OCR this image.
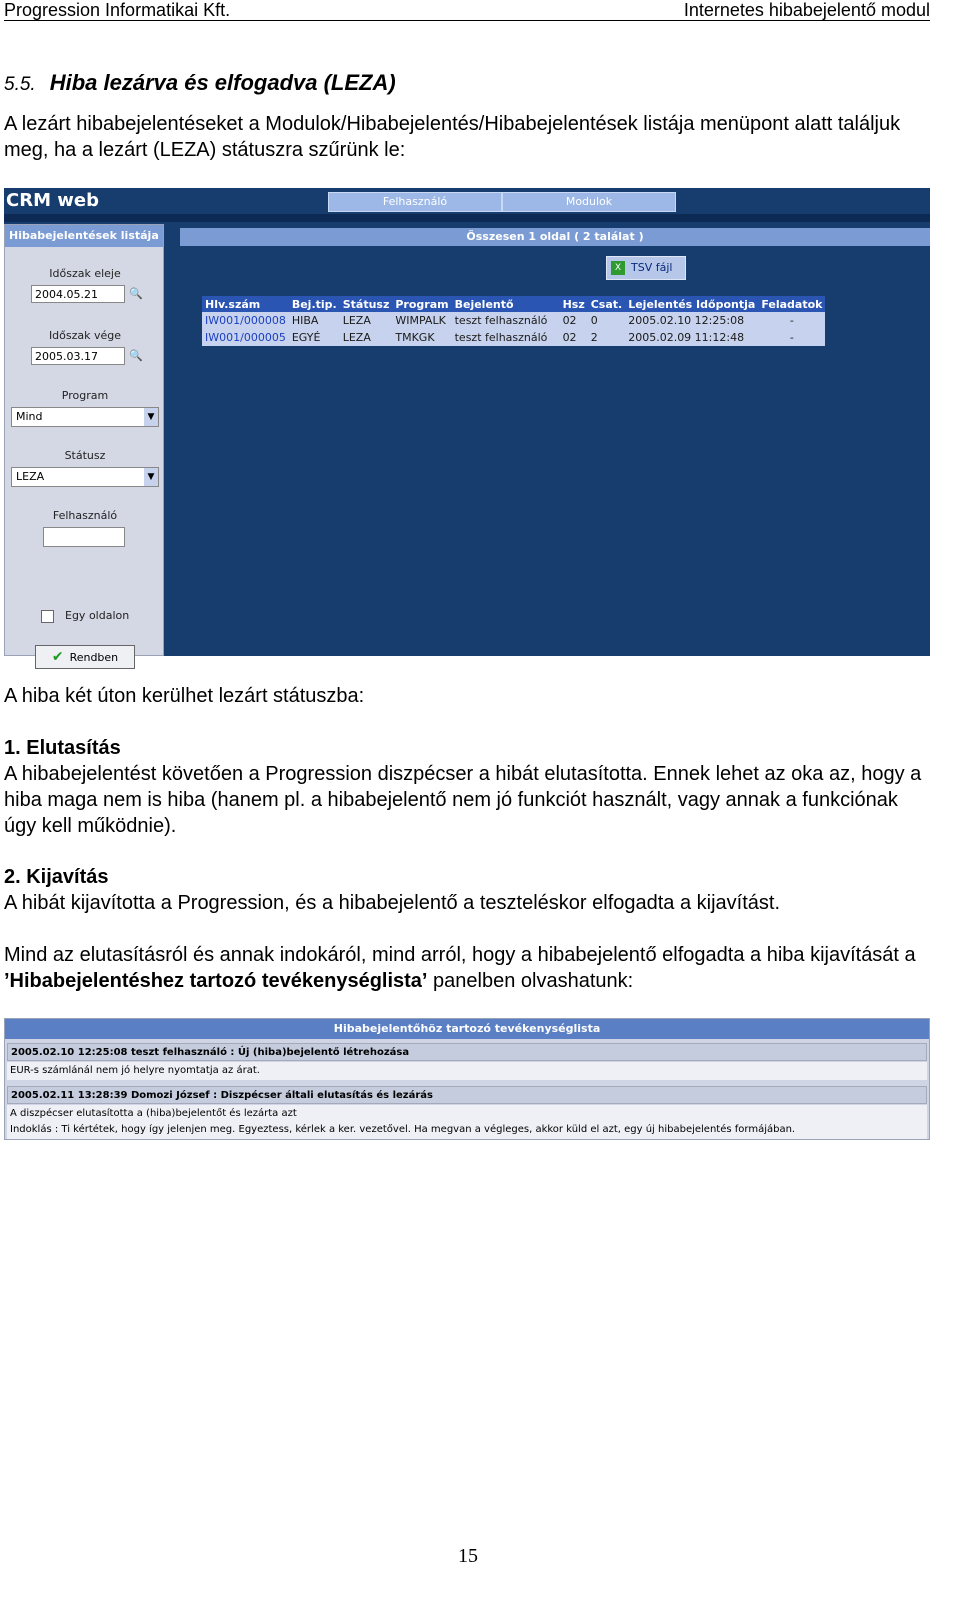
Progression Informatikai Kft.	Internetes hibabejelentő modul
5.5. Hiba lezárva és elfogadva (LEZA)

A lezárt hibabejelentéseket a Modulok/Hibabejelentés/Hibabejelentések listája menüpont alatt találjuk meg, ha a lezárt (LEZA) státuszra szűrünk le:

CRM web	Felhasználó	Modulok
Hibabejelentések listája
Időszak eleje
2004.05.21	🔍
Időszak vége
2005.03.17	🔍
Program
Mind	▼
Státusz
LEZA	▼
Felhasználó
Egy oldalon
✔ Rendben
Összesen 1 oldal ( 2 találat )
X TSV fájl
Hlv.szám	Bej.tip.	Státusz	Program	Bejelentő	Hsz	Csat.	Lejelentés Időpontja	Feladatok
IW001/000008	HIBA	LEZA	WIMPALK	teszt felhasználó	02	0	2005.02.10 12:25:08	-
IW001/000005	EGYÉ	LEZA	TMKGK	teszt felhasználó	02	2	2005.02.09 11:12:48	-

A hiba két úton kerülhet lezárt státuszba:

1. Elutasítás

A hibabejelentést követően a Progression diszpécser a hibát elutasította. Ennek lehet az oka az, hogy a hiba maga nem is hiba (hanem pl. a hibabejelentő nem jó funkciót használt, vagy annak a funkciónak úgy kell működnie).

2. Kijavítás

A hibát kijavította a Progression, és a hibabejelentő a teszteléskor elfogadta a kijavítást.

Mind az elutasításról és annak indokáról, mind arról, hogy a hibabejelentő elfogadta a hiba kijavítását a ’Hibabejelentéshez tartozó tevékenységlista’ panelben olvashatunk:

Hibabejelentőhöz tartozó tevékenységlista
2005.02.10 12:25:08 teszt felhasználó : Új (hiba)bejelentő létrehozása
EUR-s számlánál nem jó helyre nyomtatja az árat.
2005.02.11 13:28:39 Domozi József : Diszpécser általi elutasítás és lezárás
A diszpécser elutasította a (hiba)bejelentőt és lezárta azt
Indoklás : Ti kértétek, hogy így jelenjen meg. Egyeztess, kérlek a ker. vezetővel. Ha megvan a végleges, akkor küld el azt, egy új hibabejelentés formájában.
15
